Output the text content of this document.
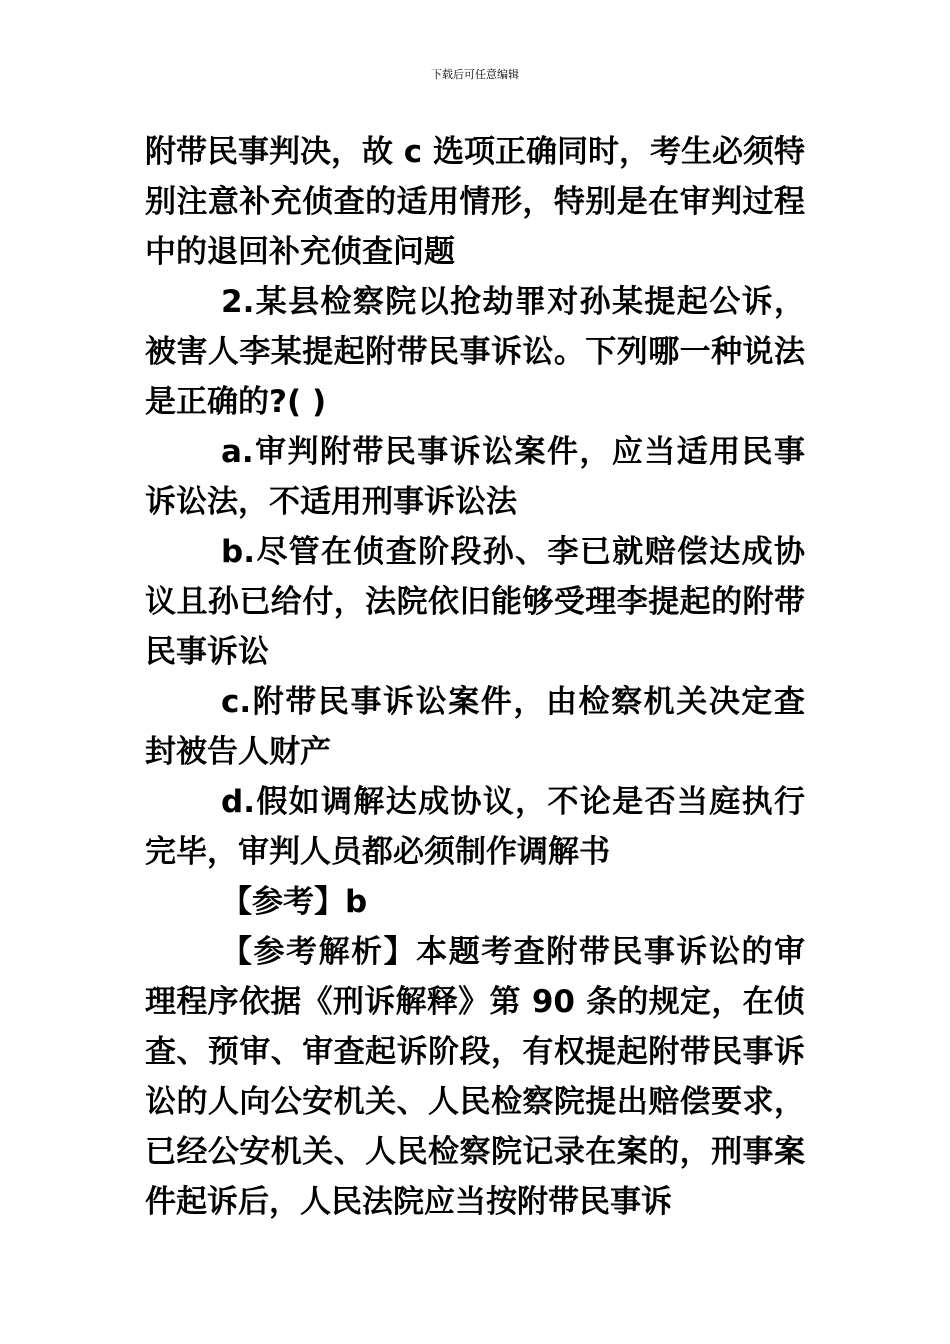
下载后可任意编辑

附带民事判决，故 c 选项正确同时，考生必须特别注意补充侦查的适用情形，特别是在审判过程中的退回补充侦查问题

2.某县检察院以抢劫罪对孙某提起公诉，被害人李某提起附带民事诉讼。下列哪一种说法是正确的?( )

a.审判附带民事诉讼案件，应当适用民事诉讼法，不适用刑事诉讼法

b.尽管在侦查阶段孙、李已就赔偿达成协议且孙已给付，法院依旧能够受理李提起的附带民事诉讼

c.附带民事诉讼案件，由检察机关决定查封被告人财产

d.假如调解达成协议，不论是否当庭执行完毕，审判人员都必须制作调解书

【参考】b

【参考解析】本题考查附带民事诉讼的审理程序依据《刑诉解释》第 90 条的规定，在侦查、预审、审查起诉阶段，有权提起附带民事诉讼的人向公安机关、人民检察院提出赔偿要求，已经公安机关、人民检察院记录在案的，刑事案件起诉后，人民法院应当按附带民事诉
